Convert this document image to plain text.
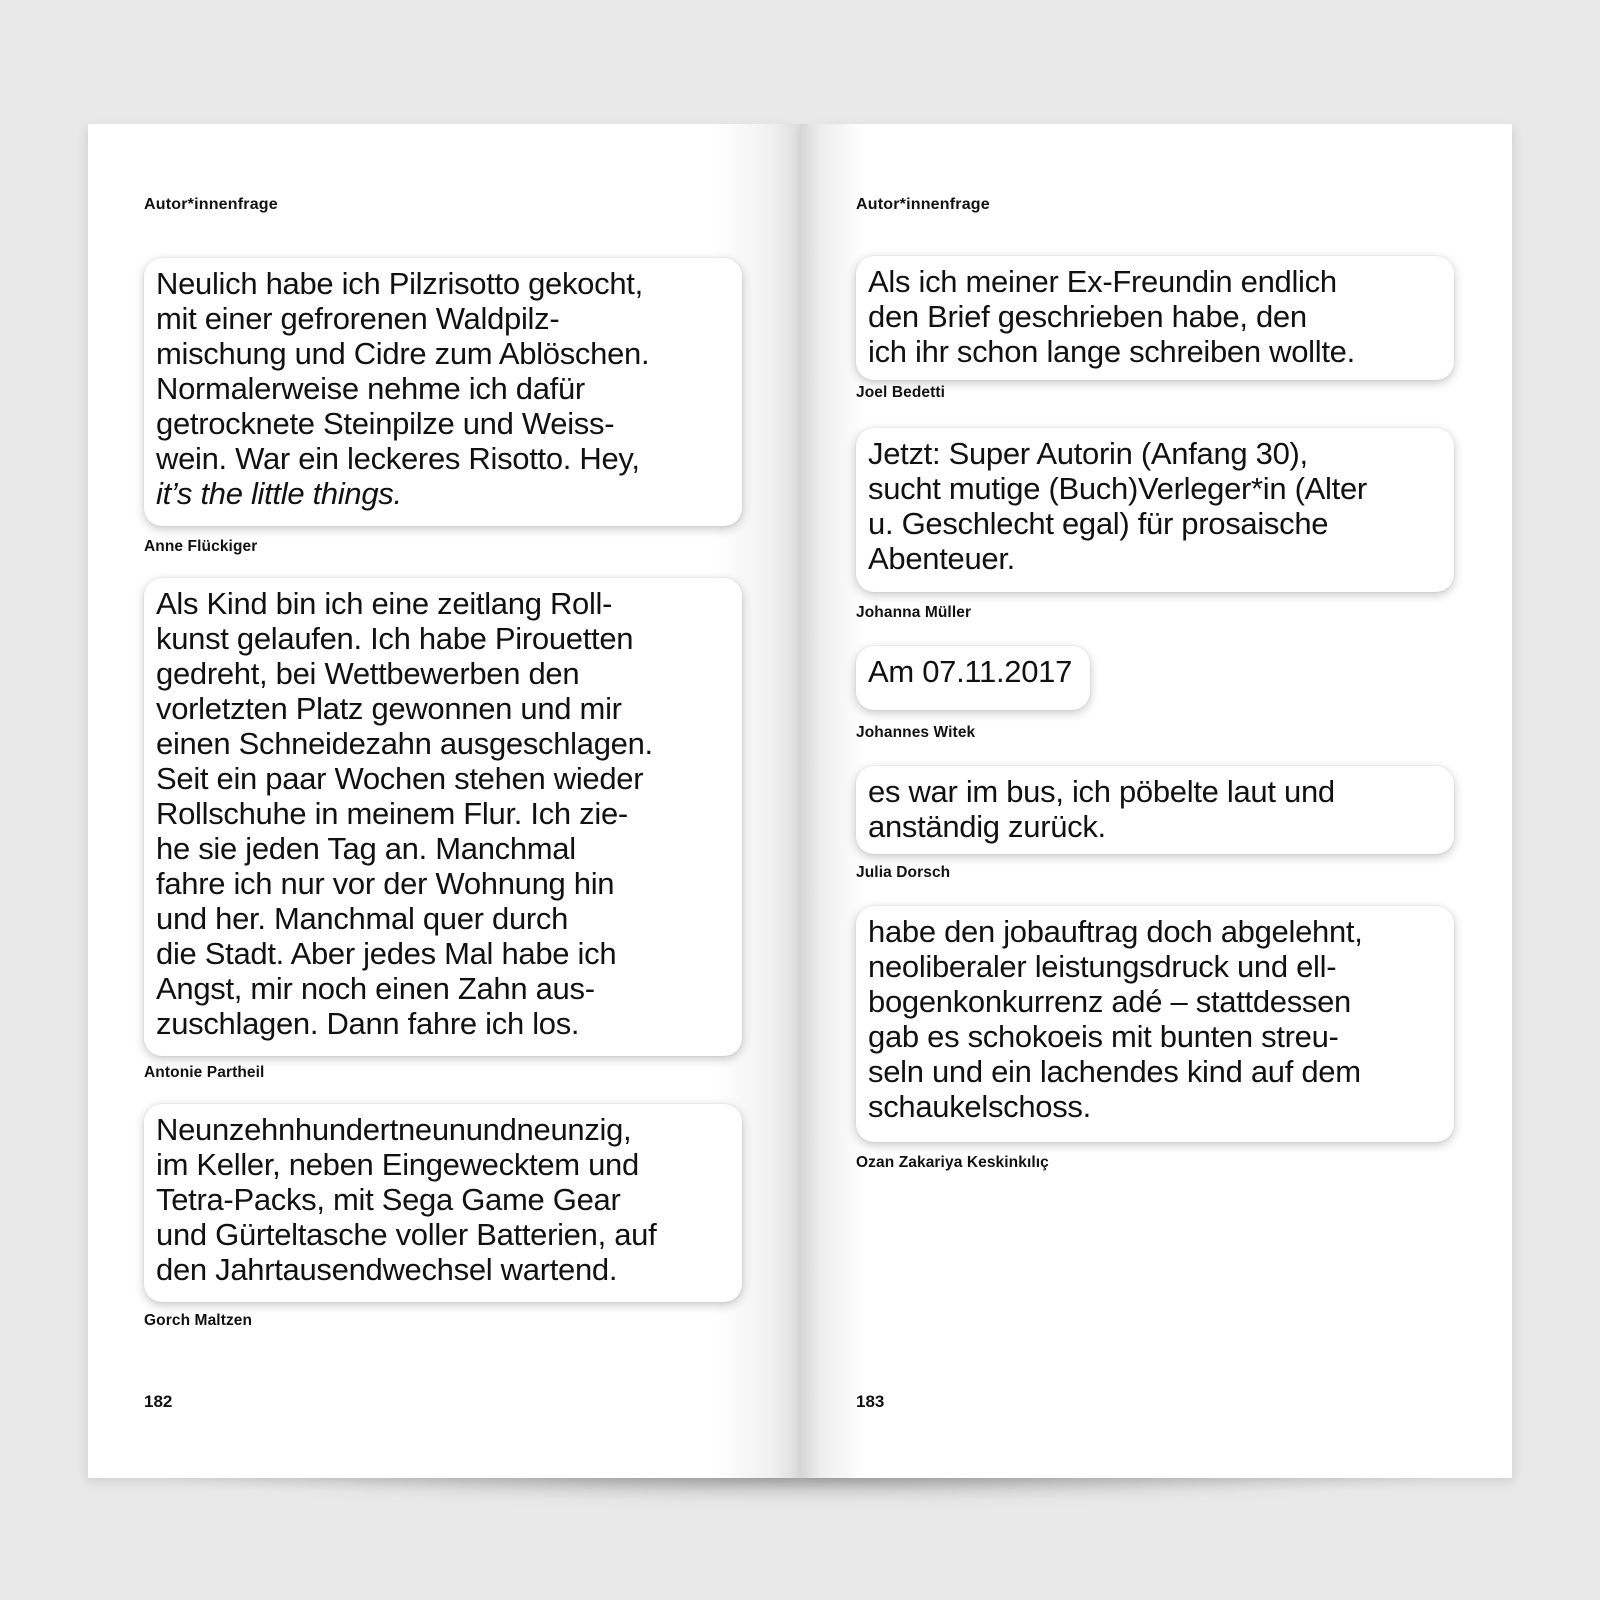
Autor*innenfrage
Neulich habe ich Pilzrisotto gekocht,
mit einer gefrorenen Waldpilz-
mischung und Cidre zum Ablöschen.
Normalerweise nehme ich dafür
getrocknete Steinpilze und Weiss-
wein. War ein leckeres Risotto. Hey,
it’s the little things.
Anne Flückiger
Als Kind bin ich eine zeitlang Roll-
kunst gelaufen. Ich habe Pirouetten
gedreht, bei Wettbewerben den
vorletzten Platz gewonnen und mir
einen Schneidezahn ausgeschlagen.
Seit ein paar Wochen stehen wieder
Rollschuhe in meinem Flur. Ich zie-
he sie jeden Tag an. Manchmal
fahre ich nur vor der Wohnung hin
und her. Manchmal quer durch
die Stadt. Aber jedes Mal habe ich
Angst, mir noch einen Zahn aus-
zuschlagen. Dann fahre ich los.
Antonie Partheil
Neunzehnhundertneunundneunzig,
im Keller, neben Eingewecktem und
Tetra-Packs, mit Sega Game Gear
und Gürteltasche voller Batterien, auf
den Jahrtausendwechsel wartend.
Gorch Maltzen
182
Autor*innenfrage
Als ich meiner Ex-Freundin endlich
den Brief geschrieben habe, den
ich ihr schon lange schreiben wollte.
Joel Bedetti
Jetzt: Super Autorin (Anfang 30),
sucht mutige (Buch)Verleger*in (Alter
u. Geschlecht egal) für prosaische
Abenteuer.
Johanna Müller
Am 07.11.2017
Johannes Witek
es war im bus, ich pöbelte laut und
anständig zurück.
Julia Dorsch
habe den jobauftrag doch abgelehnt,
neoliberaler leistungsdruck und ell-
bogenkonkurrenz adé – stattdessen
gab es schokoeis mit bunten streu-
seln und ein lachendes kind auf dem
schaukelschoss.
Ozan Zakariya Keskinkılıç
183
